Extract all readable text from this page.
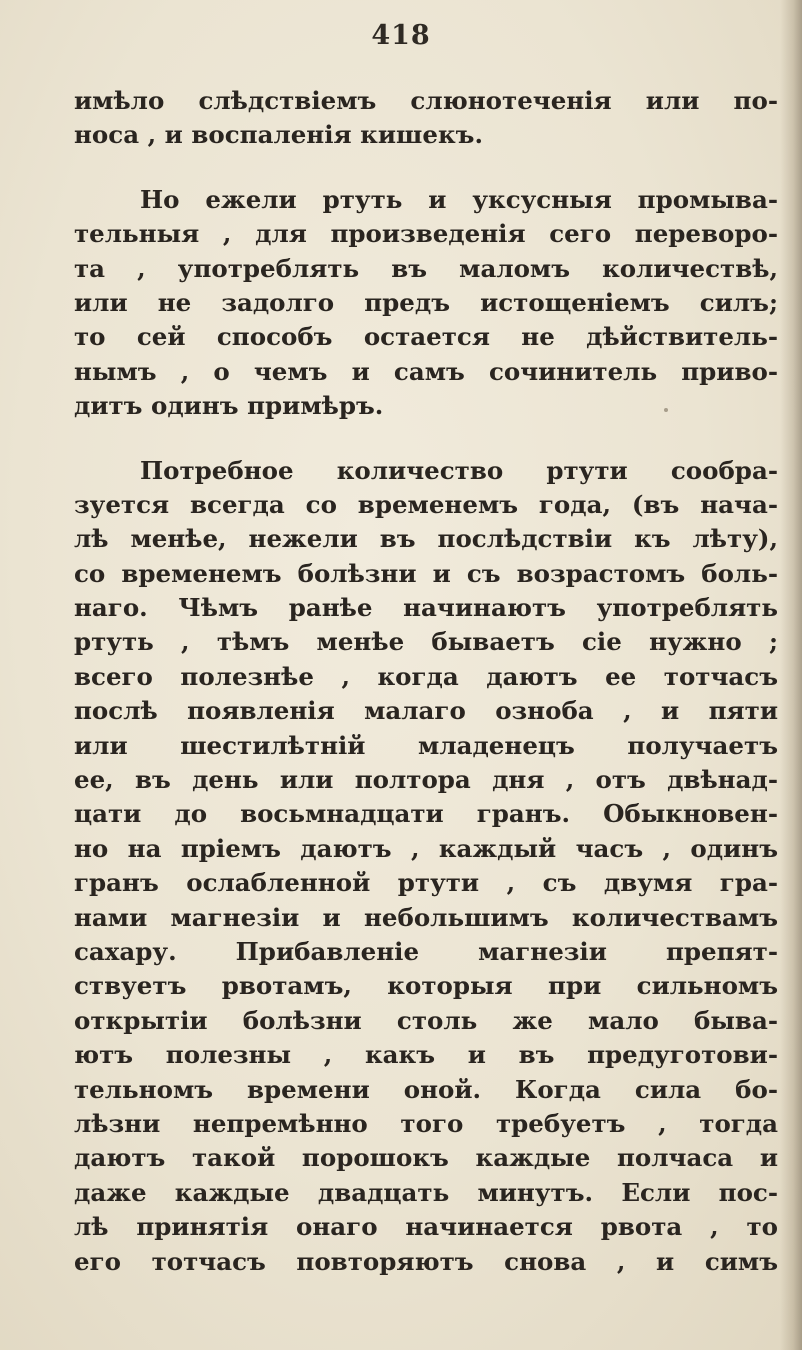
418
имѣло слѣдствіемъ слюнотеченія или по-
носа , и воспаленія кишекъ.
Но ежели ртуть и уксусныя промыва-
тельныя , для произведенія сего переворо-
та , употреблять въ маломъ количествѣ,
или не задолго предъ истощеніемъ силъ;
то сей способъ остается не дѣйствитель-
нымъ , о чемъ и самъ сочинитель приво-
дитъ одинъ примѣръ.
Потребное количество ртути сообра-
зуется всегда со временемъ года, (въ нача-
лѣ менѣе, нежели въ послѣдствіи къ лѣту),
со временемъ болѣзни и съ возрастомъ боль-
наго. Чѣмъ ранѣе начинаютъ употреблять
ртуть , тѣмъ менѣе бываетъ сіе нужно ;
всего полезнѣе , когда даютъ ее тотчасъ
послѣ появленія малаго озноба , и пяти
или шестилѣтній младенецъ получаетъ
ее, въ день или полтора дня , отъ двѣнад-
цати до восьмнадцати гранъ. Обыкновен-
но на пріемъ даютъ , каждый часъ , одинъ
гранъ ослабленной ртути , съ двумя гра-
нами магнезіи и небольшимъ количествамъ
сахару. Прибавленіе магнезіи препят-
ствуетъ рвотамъ, которыя при сильномъ
открытіи болѣзни столь же мало быва-
ютъ полезны , какъ и въ предуготови-
тельномъ времени оной. Когда сила бо-
лѣзни непремѣнно того требуетъ , тогда
даютъ такой порошокъ каждые полчаса и
даже каждые двадцать минутъ. Если пос-
лѣ принятія онаго начинается рвота , то
его тотчасъ повторяютъ снова , и симъ
